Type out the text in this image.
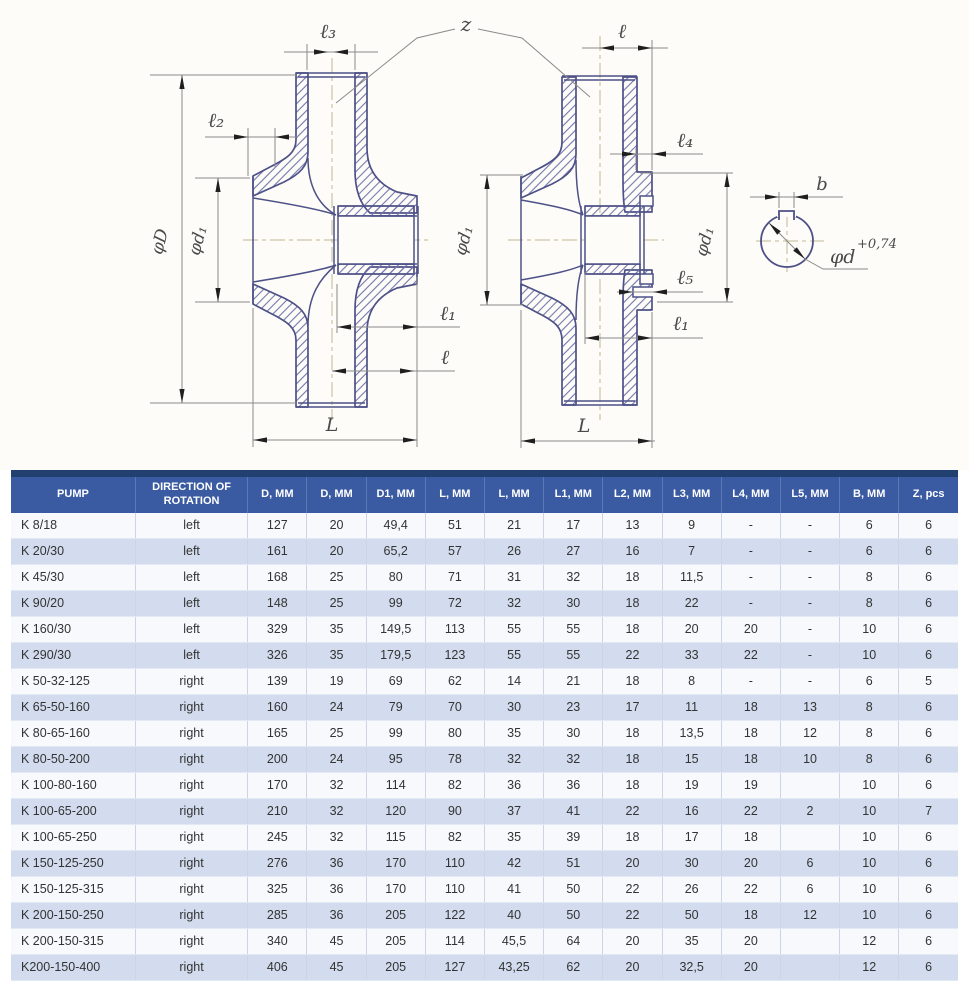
ℓ₃	z	ℓ
ℓ₂
ℓ₄
φD φd₁	φd₁	φd₁
ℓ₅
ℓ₁
ℓ₁
ℓ
L	L
b
φd
+0,74
PUMP	DIRECTION OF ROTATION	D, MM	D, MM	D1, MM	L, MM	L, MM	L1, MM	L2, MM	L3, MM	L4, MM	L5, MM	B, MM	Z, pcs
K 8/18	left	127	20	49,4	51	21	17	13	9	-	-	6	6
K 20/30	left	161	20	65,2	57	26	27	16	7	-	-	6	6
K 45/30	left	168	25	80	71	31	32	18	11,5	-	-	8	6
K 90/20	left	148	25	99	72	32	30	18	22	-	-	8	6
K 160/30	left	329	35	149,5	113	55	55	18	20	20	-	10	6
K 290/30	left	326	35	179,5	123	55	55	22	33	22	-	10	6
K 50-32-125	right	139	19	69	62	14	21	18	8	-	-	6	5
K 65-50-160	right	160	24	79	70	30	23	17	11	18	13	8	6
K 80-65-160	right	165	25	99	80	35	30	18	13,5	18	12	8	6
K 80-50-200	right	200	24	95	78	32	32	18	15	18	10	8	6
K 100-80-160	right	170	32	114	82	36	36	18	19	19		10	6
K 100-65-200	right	210	32	120	90	37	41	22	16	22	2	10	7
K 100-65-250	right	245	32	115	82	35	39	18	17	18		10	6
K 150-125-250	right	276	36	170	110	42	51	20	30	20	6	10	6
K 150-125-315	right	325	36	170	110	41	50	22	26	22	6	10	6
K 200-150-250	right	285	36	205	122	40	50	22	50	18	12	10	6
K 200-150-315	right	340	45	205	114	45,5	64	20	35	20		12	6
K200-150-400	right	406	45	205	127	43,25	62	20	32,5	20		12	6
